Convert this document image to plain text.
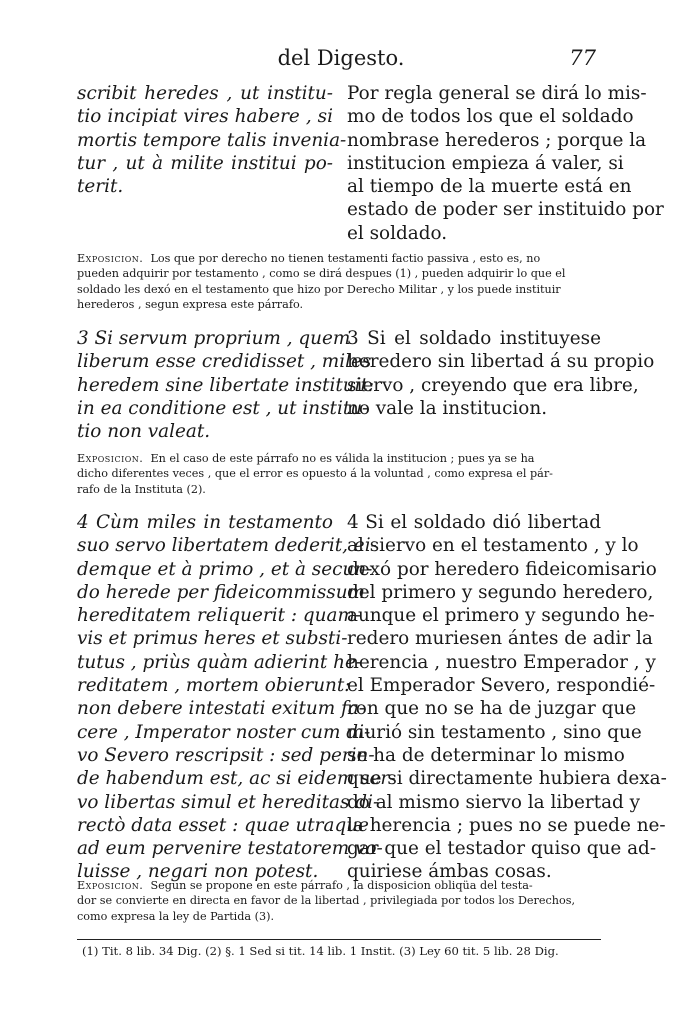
del Digesto.	77
scribit heredes , ut institu-
tio incipiat vires habere , si
mortis tempore talis invenia-
tur , ut à milite institui po-
terit.
Por regla general se dirá lo mis-
mo de todos los que el soldado
nombrase herederos ; porque la
institucion empieza á valer, si
al tiempo de la muerte está en
estado de poder ser instituido por
el soldado.
Exposicion. Los que por derecho no tienen testamenti factio passiva , esto es, no
pueden adquirir por testamento , como se dirá despues (1) , pueden adquirir lo que el
soldado les dexó en el testamento que hizo por Derecho Militar , y los puede instituir
herederos , segun expresa este párrafo.
3 Si servum proprium , quem
liberum esse credidisset , miles
heredem sine libertate instituit:
in ea conditione est , ut institu-
tio non valeat.
3 Si el soldado instituyese
heredero sin libertad á su propio
siervo , creyendo que era libre,
no vale la institucion.
Exposicion. En el caso de este párrafo no es válida la institucion ; pues ya se ha
dicho diferentes veces , que el error es opuesto á la voluntad , como expresa el pár-
rafo de la Instituta (2).
4 Cùm miles in testamento
suo servo libertatem dederit, ei-
demque et à primo , et à secun-
do herede per fideicommissum
hereditatem reliquerit : quam-
vis et primus heres et substi-
tutus , priùs quàm adierint he-
reditatem , mortem obierunt:
non debere intestati exitum fa-
cere , Imperator noster cum di-
vo Severo rescripsit : sed perin-
de habendum est, ac si eidem ser-
vo libertas simul et hereditas di-
rectò data esset : quae utraque
ad eum pervenire testatorem vo-
luisse , negari non potest.
4 Si el soldado dió libertad
al siervo en el testamento , y lo
dexó por heredero fideicomisario
del primero y segundo heredero,
aunque el primero y segundo he-
redero muriesen ántes de adir la
herencia , nuestro Emperador , y
el Emperador Severo, respondié-
ron que no se ha de juzgar que
murió sin testamento , sino que
se ha de determinar lo mismo
que si directamente hubiera dexa-
do al mismo siervo la libertad y
la herencia ; pues no se puede ne-
gar que el testador quiso que ad-
quiriese ámbas cosas.
Exposicion. Segun se propone en este párrafo , la disposicion obliqüa del testa-
dor se convierte en directa en favor de la libertad , privilegiada por todos los Derechos,
como expresa la ley de Partida (3).
(1) Tit. 8 lib. 34 Dig. (2) §. 1 Sed si tit. 14 lib. 1 Instit. (3) Ley 60 tit. 5 lib. 28 Dig.
